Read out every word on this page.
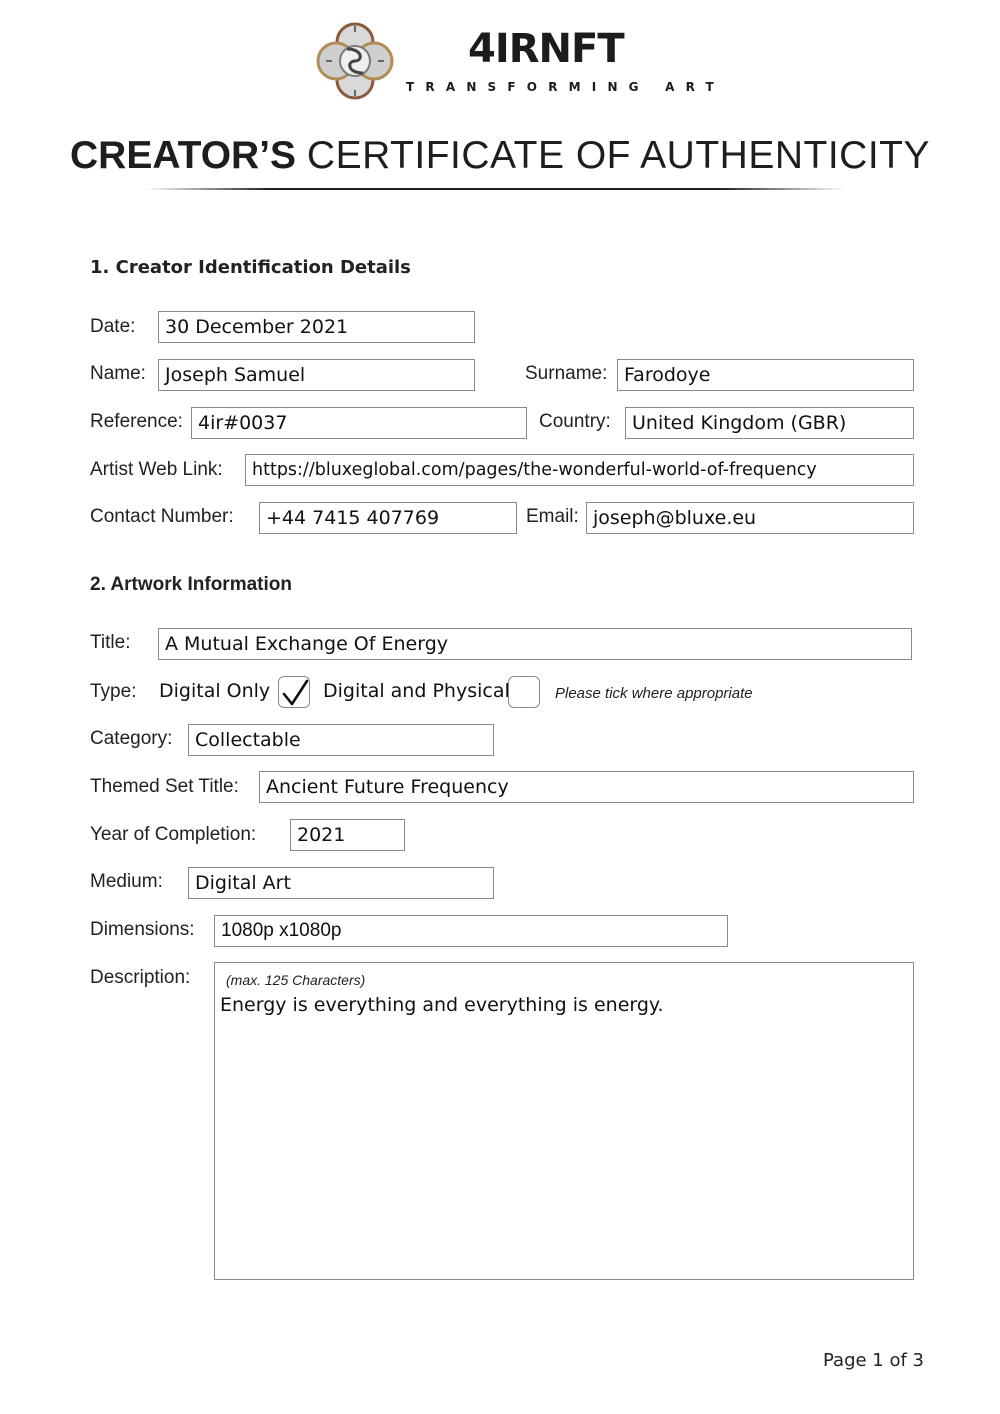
4IRNFT
TRANSFORMING ART
CREATOR’S CERTIFICATE OF AUTHENTICITY
1. Creator Identification Details
Date:	30 December 2021
Name:	Joseph Samuel	Surname: Farodoye
Reference: 4ir#0037	Country:	United Kingdom (GBR)
Artist Web Link:	https://bluxeglobal.com/pages/the-wonderful-world-of-frequency
Contact Number:	+44 7415 407769	Email: joseph@bluxe.eu
2. Artwork Information
Title:	A Mutual Exchange Of Energy
Type: Digital Only	Digital and Physical	Please tick where appropriate
Category:	Collectable
Themed Set Title:	Ancient Future Frequency
Year of Completion:	2021
Medium:	Digital Art
Dimensions:	1080p x1080p
Description:	(max. 125 Characters)
Energy is everything and everything is energy.
Page 1 of 3
